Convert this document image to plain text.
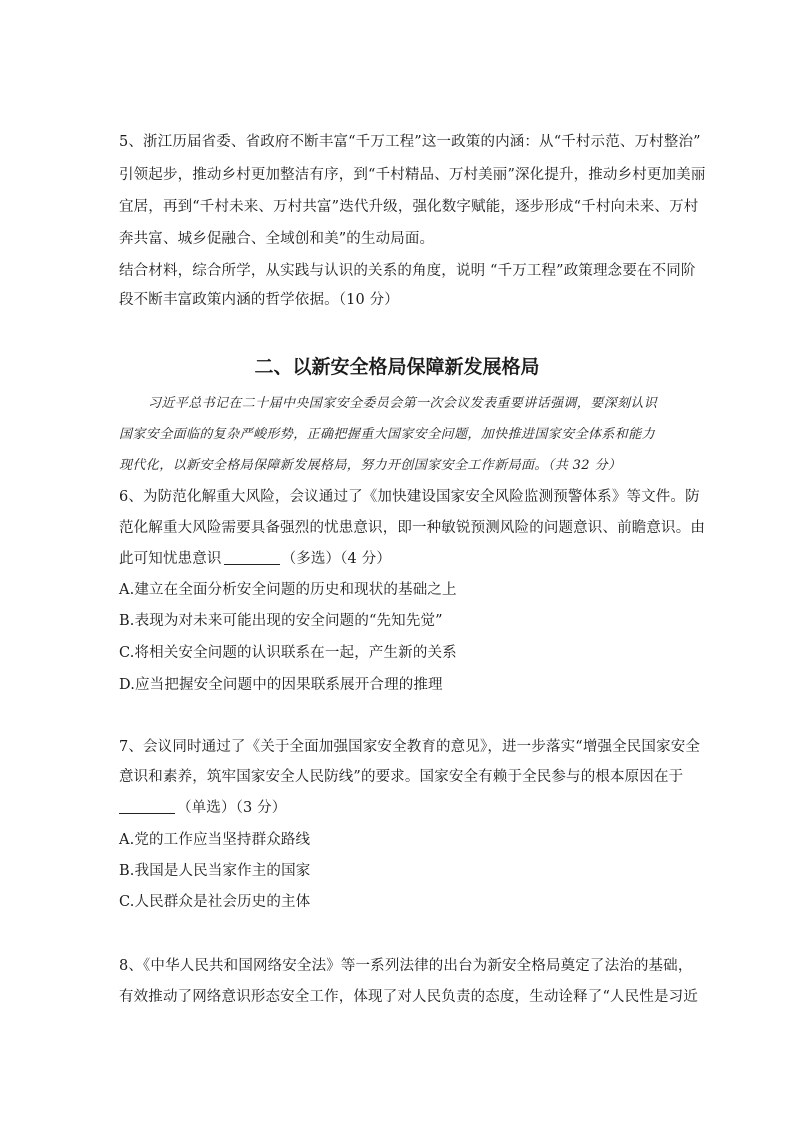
5、浙江历届省委、省政府不断丰富“千万工程”这一政策的内涵：从“千村示范、万村整治”
引领起步，推动乡村更加整洁有序，到“千村精品、万村美丽”深化提升，推动乡村更加美丽
宜居，再到“千村未来、万村共富”迭代升级，强化数字赋能，逐步形成“千村向未来、万村
奔共富、城乡促融合、全域创和美”的生动局面。
结合材料，综合所学，从实践与认识的关系的角度，说明 “千万工程”政策理念要在不同阶
段不断丰富政策内涵的哲学依据。（10 分）
二、以新安全格局保障新发展格局
习近平总书记在二十届中央国家安全委员会第一次会议发表重要讲话强调，要深刻认识
国家安全面临的复杂严峻形势，正确把握重大国家安全问题，加快推进国家安全体系和能力
现代化，以新安全格局保障新发展格局，努力开创国家安全工作新局面。（共 32 分）
6、为防范化解重大风险，会议通过了《加快建设国家安全风险监测预警体系》等文件。防
范化解重大风险需要具备强烈的忧患意识，即一种敏锐预测风险的问题意识、前瞻意识。由
此可知忧患意识	（多选）（4 分）
A.建立在全面分析安全问题的历史和现状的基础之上
B.表现为对未来可能出现的安全问题的“先知先觉”
C.将相关安全问题的认识联系在一起，产生新的关系
D.应当把握安全问题中的因果联系展开合理的推理
7、会议同时通过了《关于全面加强国家安全教育的意见》，进一步落实“增强全民国家安全
意识和素养，筑牢国家安全人民防线”的要求。国家安全有赖于全民参与的根本原因在于
（单选）（3 分）
A.党的工作应当坚持群众路线
B.我国是人民当家作主的国家
C.人民群众是社会历史的主体
8、《中华人民共和国网络安全法》等一系列法律的出台为新安全格局奠定了法治的基础，
有效推动了网络意识形态安全工作，体现了对人民负责的态度，生动诠释了“人民性是习近
